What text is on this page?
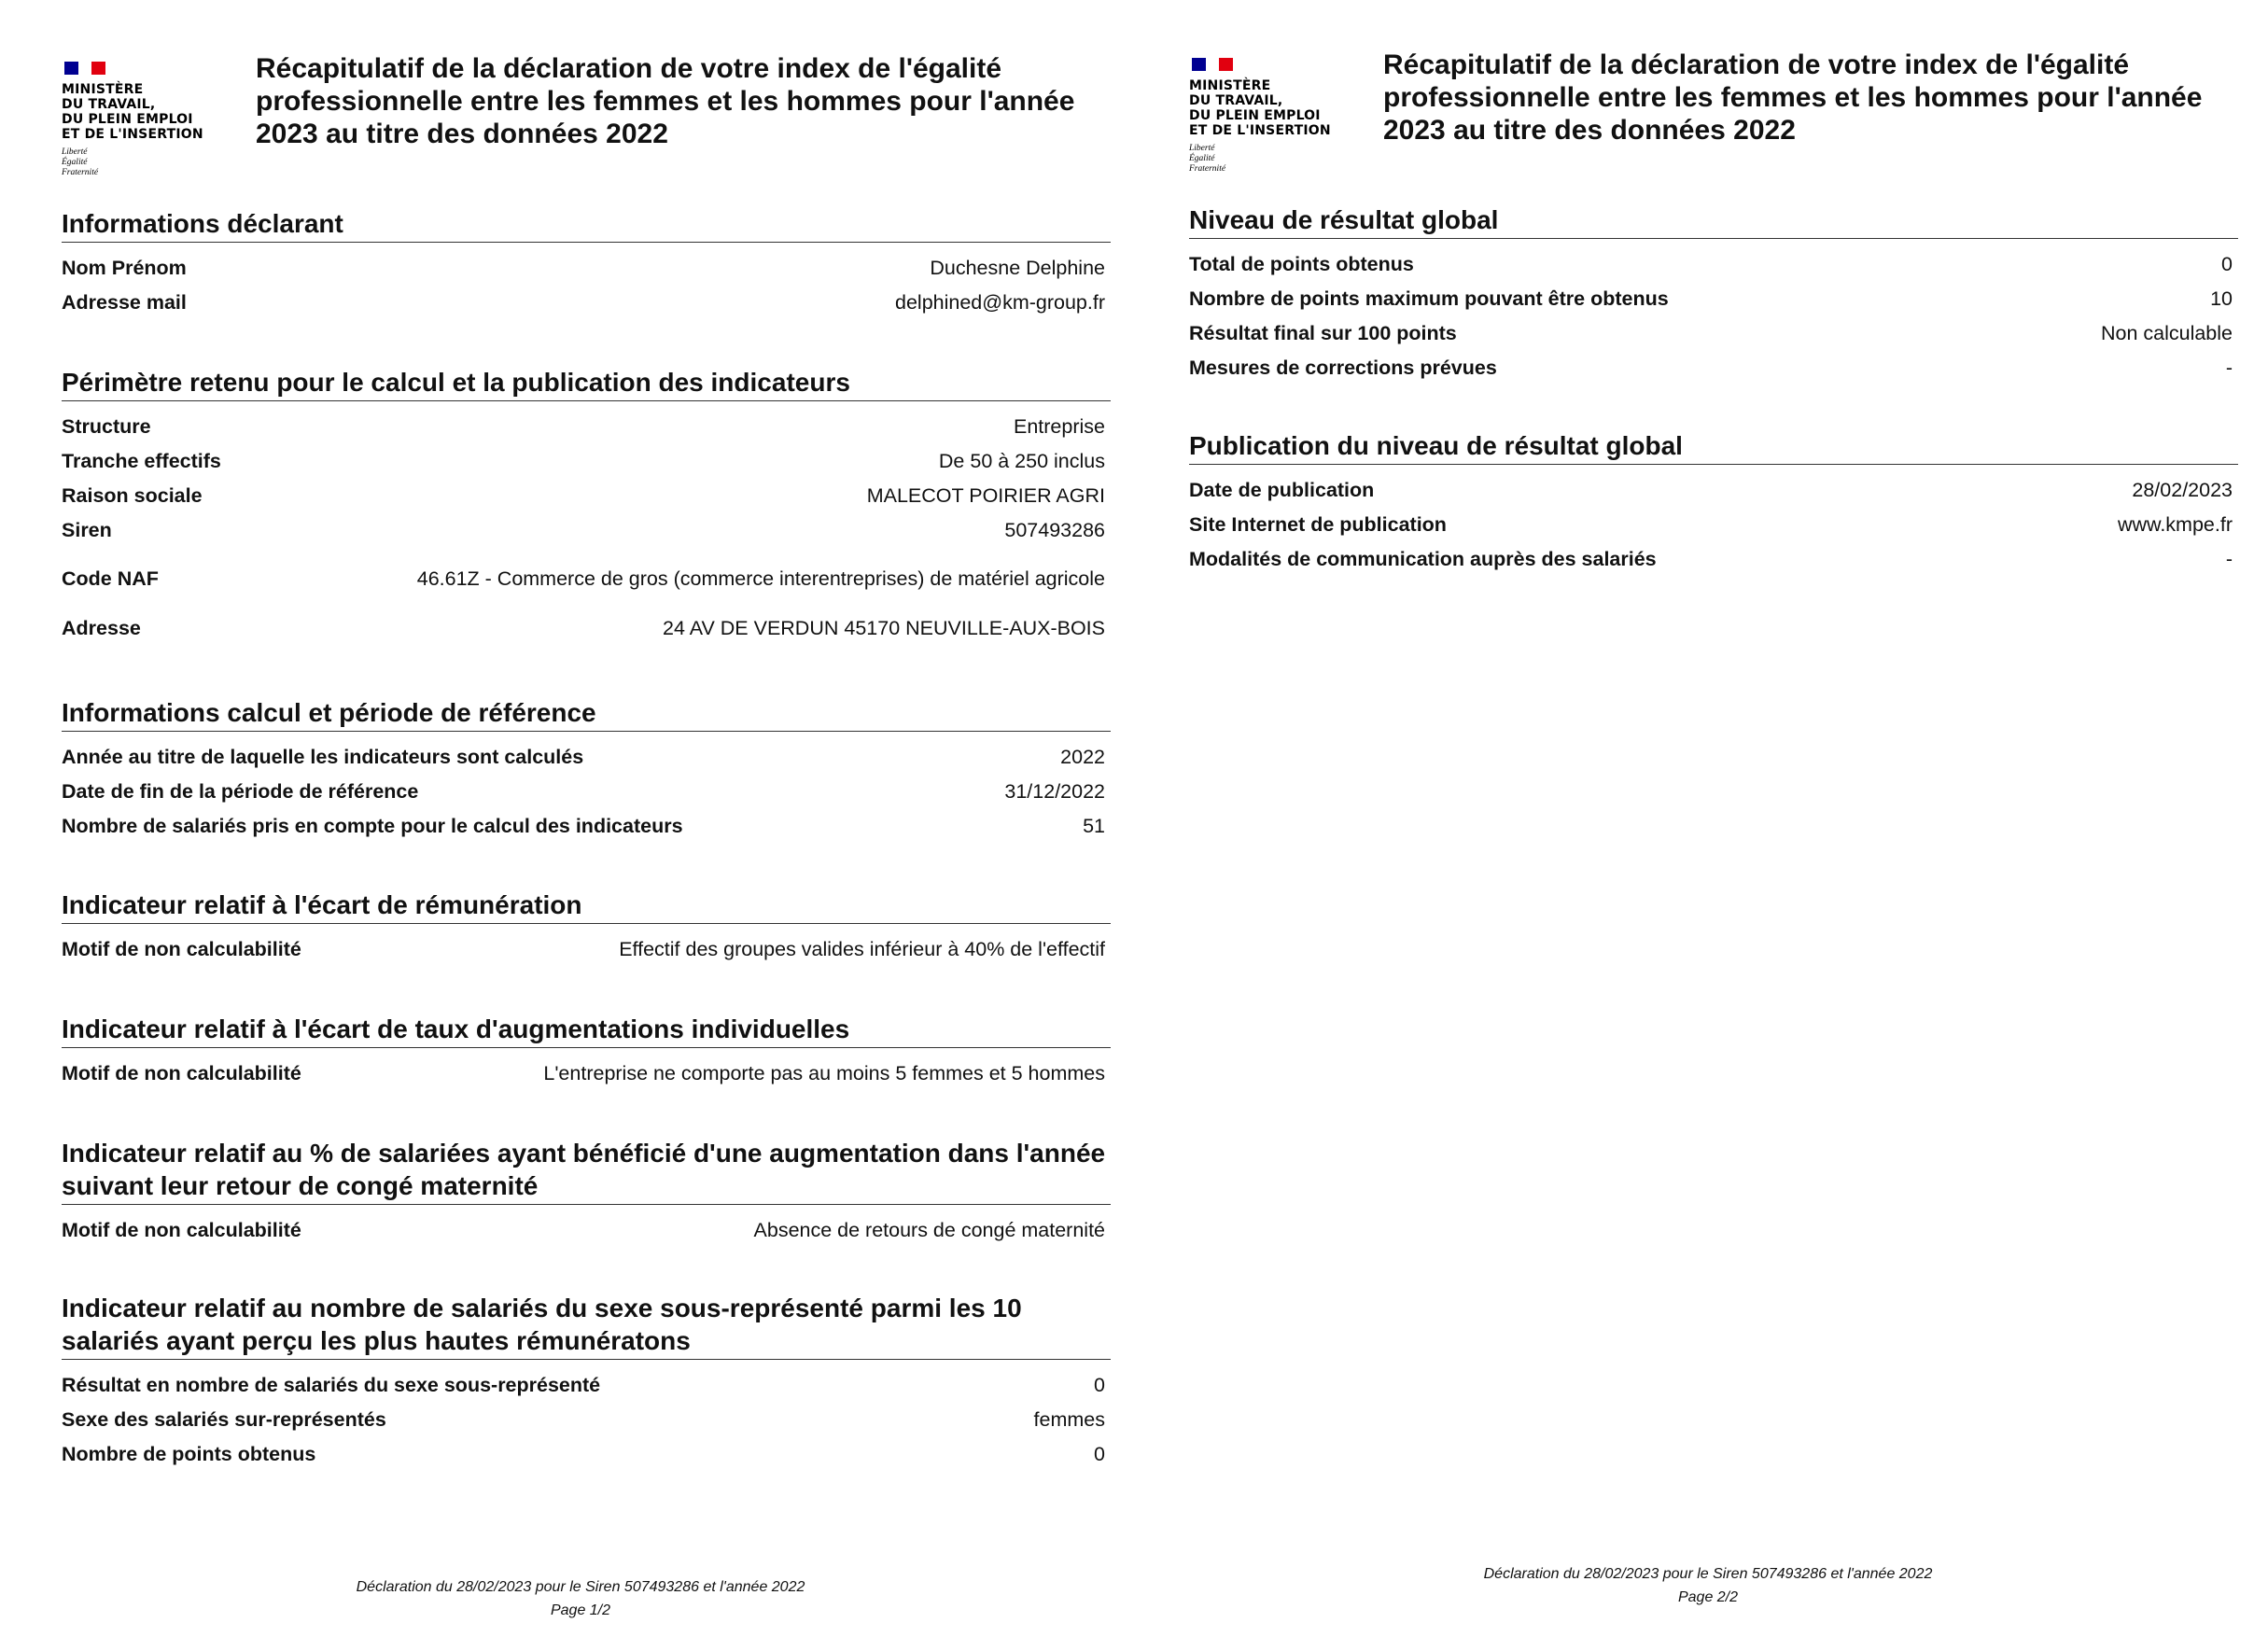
MINISTÈRE
DU TRAVAIL,
DU PLEIN EMPLOI
ET DE L'INSERTION
Liberté
Égalité
Fraternité
Récapitulatif de la déclaration de votre index de l'égalité professionnelle entre les femmes et les hommes pour l'année 2023 au titre des données 2022
Informations déclarant
Nom Prénom	Duchesne Delphine
Adresse mail	delphined@km-group.fr
Périmètre retenu pour le calcul et la publication des indicateurs
Structure	Entreprise
Tranche effectifs	De 50 à 250 inclus
Raison sociale	MALECOT POIRIER AGRI
Siren	507493286
Code NAF	46.61Z - Commerce de gros (commerce interentreprises) de matériel agricole
Adresse	24 AV DE VERDUN 45170 NEUVILLE-AUX-BOIS
Informations calcul et période de référence
Année au titre de laquelle les indicateurs sont calculés	2022
Date de fin de la période de référence	31/12/2022
Nombre de salariés pris en compte pour le calcul des indicateurs	51
Indicateur relatif à l'écart de rémunération
Motif de non calculabilité	Effectif des groupes valides inférieur à 40% de l'effectif
Indicateur relatif à l'écart de taux d'augmentations individuelles
Motif de non calculabilité	L'entreprise ne comporte pas au moins 5 femmes et 5 hommes
Indicateur relatif au % de salariées ayant bénéficié d'une augmentation dans l'année suivant leur retour de congé maternité
Motif de non calculabilité	Absence de retours de congé maternité
Indicateur relatif au nombre de salariés du sexe sous-représenté parmi les 10 salariés ayant perçu les plus hautes rémunératons
Résultat en nombre de salariés du sexe sous-représenté	0
Sexe des salariés sur-représentés	femmes
Nombre de points obtenus	0
Déclaration du 28/02/2023 pour le Siren 507493286 et l'année 2022
Page 1/2
MINISTÈRE
DU TRAVAIL,
DU PLEIN EMPLOI
ET DE L'INSERTION
Liberté
Égalité
Fraternité
Récapitulatif de la déclaration de votre index de l'égalité professionnelle entre les femmes et les hommes pour l'année 2023 au titre des données 2022
Niveau de résultat global
Total de points obtenus	0
Nombre de points maximum pouvant être obtenus	10
Résultat final sur 100 points	Non calculable
Mesures de corrections prévues	-
Publication du niveau de résultat global
Date de publication	28/02/2023
Site Internet de publication	www.kmpe.fr
Modalités de communication auprès des salariés	-
Déclaration du 28/02/2023 pour le Siren 507493286 et l'année 2022
Page 2/2
